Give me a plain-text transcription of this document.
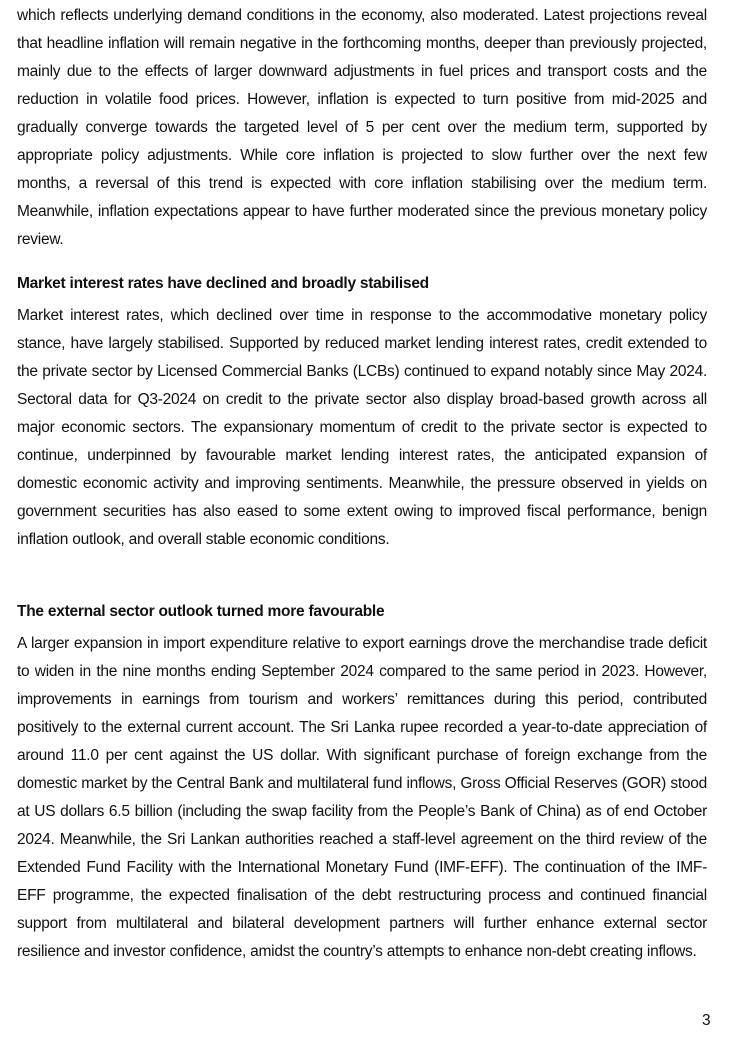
which reflects underlying demand conditions in the economy, also moderated. Latest projections reveal that headline inflation will remain negative in the forthcoming months, deeper than previously projected, mainly due to the effects of larger downward adjustments in fuel prices and transport costs and the reduction in volatile food prices. However, inflation is expected to turn positive from mid-2025 and gradually converge towards the targeted level of 5 per cent over the medium term, supported by appropriate policy adjustments. While core inflation is projected to slow further over the next few months, a reversal of this trend is expected with core inflation stabilising over the medium term. Meanwhile, inflation expectations appear to have further moderated since the previous monetary policy review.

Market interest rates have declined and broadly stabilised

Market interest rates, which declined over time in response to the accommodative monetary policy stance, have largely stabilised. Supported by reduced market lending interest rates, credit extended to the private sector by Licensed Commercial Banks (LCBs) continued to expand notably since May 2024. Sectoral data for Q3-2024 on credit to the private sector also display broad-based growth across all major economic sectors. The expansionary momentum of credit to the private sector is expected to continue, underpinned by favourable market lending interest rates, the anticipated expansion of domestic economic activity and improving sentiments. Meanwhile, the pressure observed in yields on government securities has also eased to some extent owing to improved fiscal performance, benign inflation outlook, and overall stable economic conditions.

The external sector outlook turned more favourable

A larger expansion in import expenditure relative to export earnings drove the merchandise trade deficit to widen in the nine months ending September 2024 compared to the same period in 2023. However, improvements in earnings from tourism and workers’ remittances during this period, contributed positively to the external current account. The Sri Lanka rupee recorded a year-to-date appreciation of around 11.0 per cent against the US dollar. With significant purchase of foreign exchange from the domestic market by the Central Bank and multilateral fund inflows, Gross Official Reserves (GOR) stood at US dollars 6.5 billion (including the swap facility from the People’s Bank of China) as of end October 2024. Meanwhile, the Sri Lankan authorities reached a staff-level agreement on the third review of the Extended Fund Facility with the International Monetary Fund (IMF-EFF). The continuation of the IMF-EFF programme, the expected finalisation of the debt restructuring process and continued financial support from multilateral and bilateral development partners will further enhance external sector resilience and investor confidence, amidst the country’s attempts to enhance non-debt creating inflows.

3
